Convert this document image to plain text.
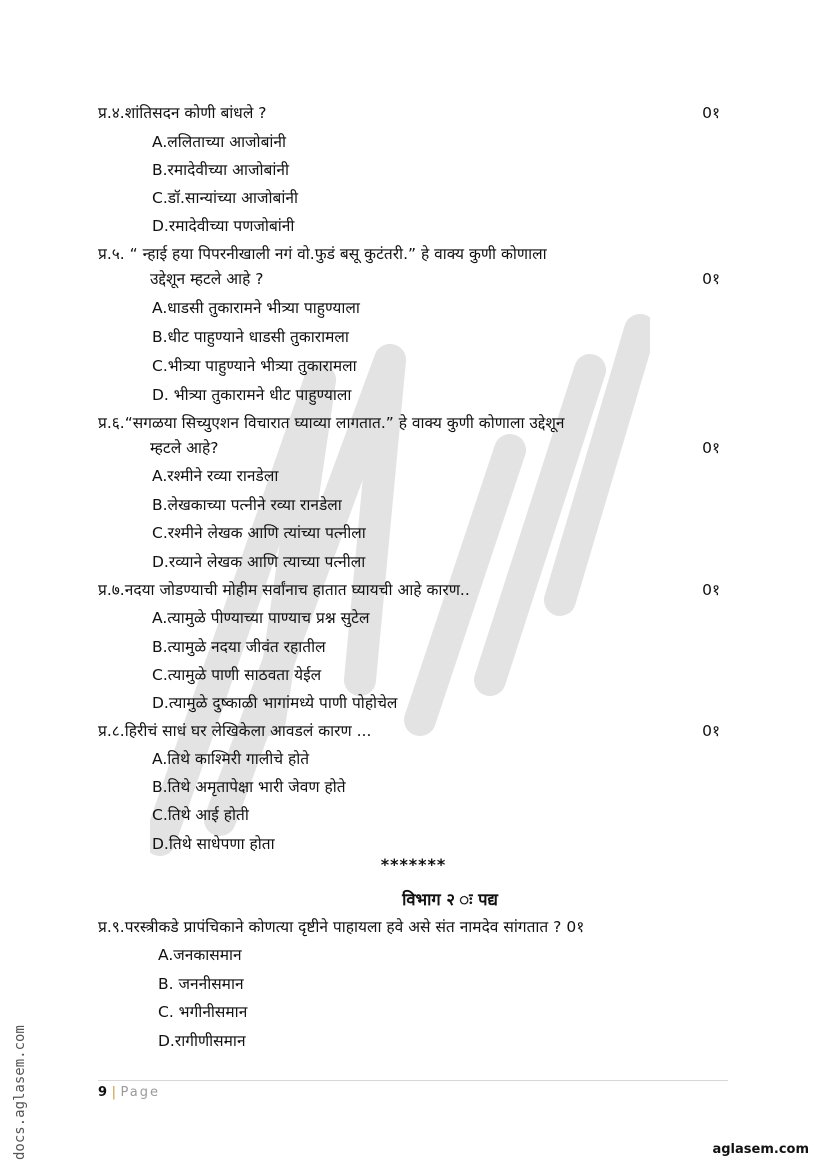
प्र.४.शांतिसदन कोणी बांधले ?	0१
A.ललिताच्या आजोबांनी
B.रमादेवीच्या आजोबांनी
C.डॉ.सान्यांच्या आजोबांनी
D.रमादेवीच्या पणजोबांनी
प्र.५. “ न्हाई हया पिपरनीखाली नगं वो.फुडं बसू कुटंतरी.” हे वाक्य कुणी कोणाला
उद्देशून म्हटले आहे ?	0१
A.धाडसी तुकारामने भीत्र्या पाहुण्याला
B.धीट पाहुण्याने धाडसी तुकारामला
C.भीत्र्या पाहुण्याने भीत्र्या तुकारामला
D. भीत्र्या तुकारामने धीट पाहुण्याला
प्र.६.“सगळया सिच्युएशन विचारात घ्याव्या लागतात.” हे वाक्य कुणी कोणाला उद्देशून
म्हटले आहे?	0१
A.रश्मीने रव्या रानडेला
B.लेखकाच्या पत्नीने रव्या रानडेला
C.रश्मीने लेखक आणि त्यांच्या पत्नीला
D.रव्याने लेखक आणि त्याच्या पत्नीला
प्र.७.नदया जोडण्याची मोहीम सर्वांनाच हातात घ्यायची आहे कारण..	0१
A.त्यामुळे पीण्याच्या पाण्याच प्रश्न सुटेल
B.त्यामुळे नदया जीवंत रहातील
C.त्यामुळे पाणी साठवता येईल
D.त्यामुळे दुष्काळी भागांमध्ये पाणी पोहोचेल
प्र.८.हिरीचं साधं घर लेखिकेला आवडलं कारण ...	0१
A.तिथे काश्मिरी गालीचे होते
B.तिथे अमृतापेक्षा भारी जेवण होते
C.तिथे आई होती
D.तिथे साधेपणा होता
*******
विभाग २ ः पद्य
प्र.९.परस्त्रीकडे प्रापंचिकाने कोणत्या दृष्टीने पाहायला हवे असे संत नामदेव सांगतात ? 0१
A.जनकासमान
B. जननीसमान
C. भगीनीसमान
D.रागीणीसमान
9 | Page
docs.aglasem.com	aglasem.com
